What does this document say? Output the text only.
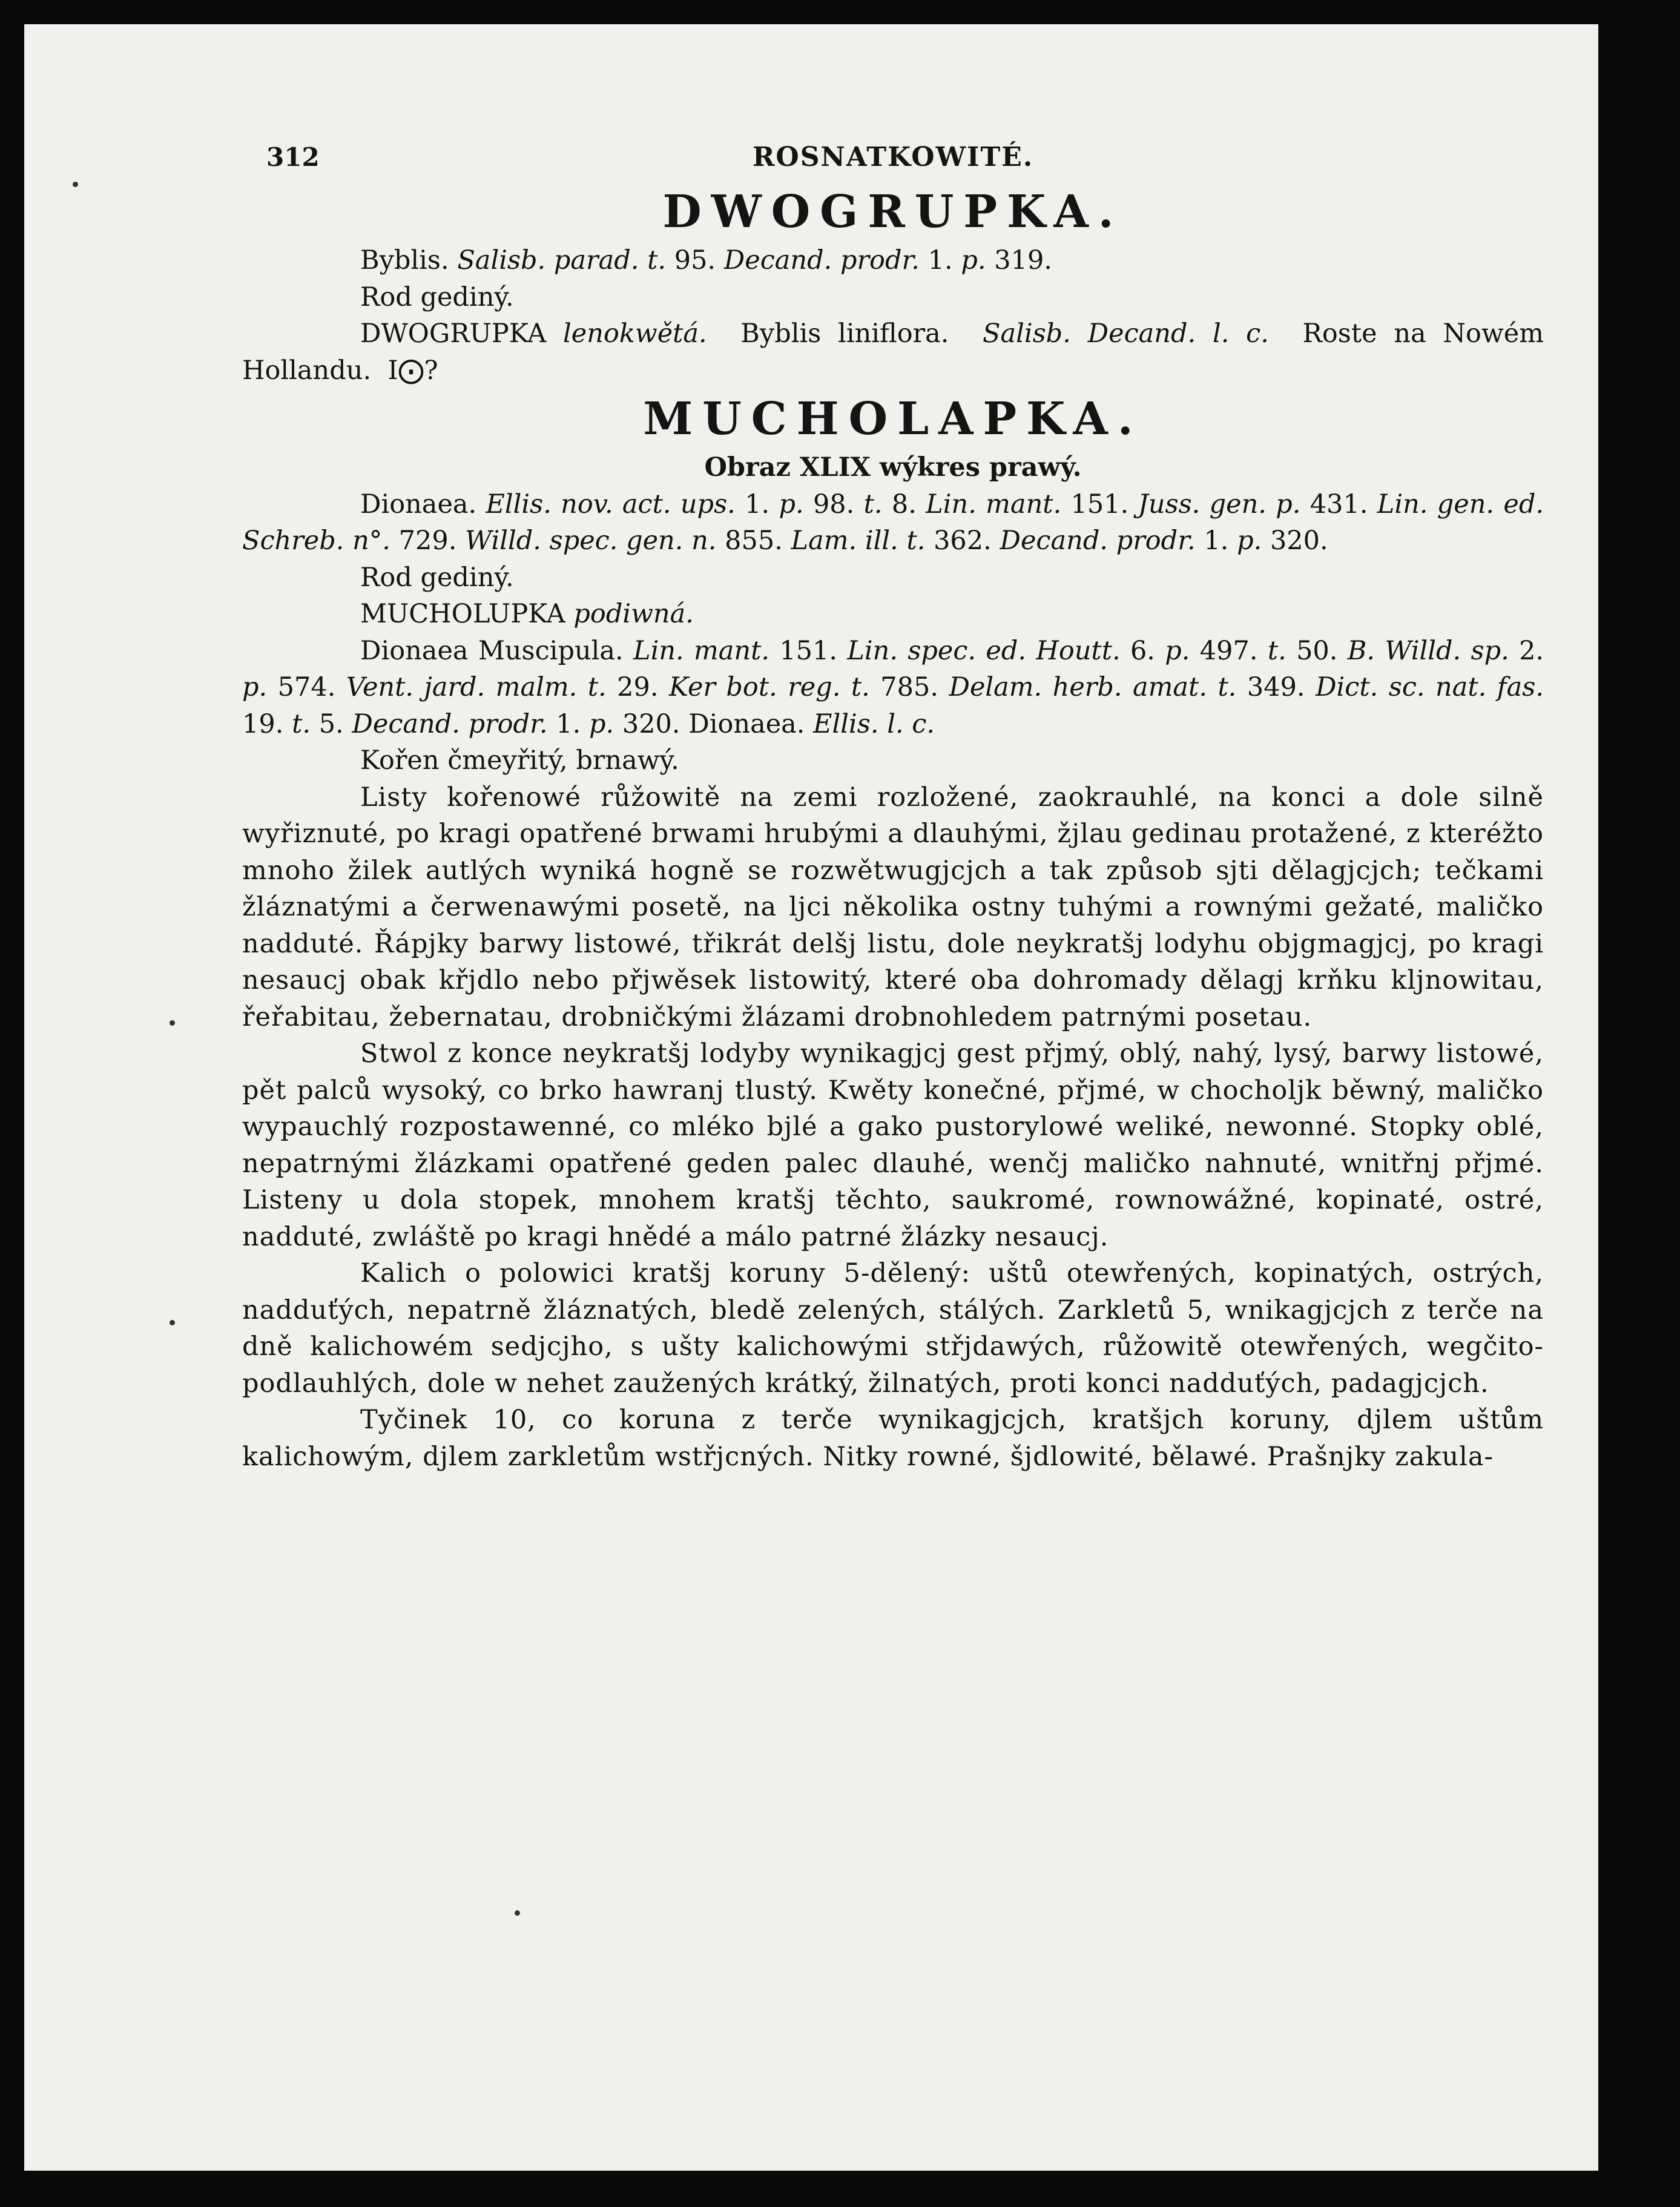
312	ROSNATKOWITÉ.
DWOGRUPKA.

Byblis. Salisb. parad. t. 95. Decand. prodr. 1. p. 319.

Rod gediný.

DWOGRUPKA lenokwětá. Byblis liniflora. Salisb. Decand. l. c. Roste na Nowém Hollandu. I⨀?

MUCHOLAPKA.

Obraz XLIX wýkres prawý.

Dionaea. Ellis. nov. act. ups. 1. p. 98. t. 8. Lin. mant. 151. Juss. gen. p. 431. Lin. gen. ed. Schreb. n°. 729. Willd. spec. gen. n. 855. Lam. ill. t. 362. Decand. prodr. 1. p. 320.

Rod gediný.

MUCHOLUPKA podiwná.

Dionaea Muscipula. Lin. mant. 151. Lin. spec. ed. Houtt. 6. p. 497. t. 50. B. Willd. sp. 2. p. 574. Vent. jard. malm. t. 29. Ker bot. reg. t. 785. Delam. herb. amat. t. 349. Dict. sc. nat. fas. 19. t. 5. Decand. prodr. 1. p. 320. Dionaea. Ellis. l. c.

Kořen čmeyřitý, brnawý.

Listy kořenowé růžowitě na zemi rozložené, zaokrauhlé, na konci a dole silně wyřiznuté, po kragi opatřené brwami hrubými a dlauhými, žjlau gedinau protažené, z kteréžto mnoho žilek autlých wyniká hogně se rozwětwugjcjch a tak způsob sjti dělagjcjch; tečkami žláznatými a čerwenawými posetě, na ljci několika ostny tuhými a rownými gežaté, maličko nadduté. Řápjky barwy listowé, třikrát delšj listu, dole neykratšj lodyhu objgmagjcj, po kragi nesaucj obak křjdlo nebo přjwěsek listowitý, které oba dohromady dělagj krňku kljnowitau, řeřabitau, žebernatau, drobničkými žlázami drobnohledem patrnými posetau.

Stwol z konce neykratšj lodyby wynikagjcj gest přjmý, oblý, nahý, lysý, barwy listowé, pět palců wysoký, co brko hawranj tlustý. Kwěty konečné, přjmé, w chocholjk běwný, maličko wypauchlý rozpostawenné, co mléko bjlé a gako pustorylowé weliké, newonné. Stopky oblé, nepatrnými žlázkami opatřené geden palec dlauhé, wenčj maličko nahnuté, wnitřnj přjmé. Listeny u dola stopek, mnohem kratšj těchto, saukromé, rownowážné, kopinaté, ostré, nadduté, zwláště po kragi hnědé a málo patrné žlázky nesaucj.

Kalich o polowici kratšj koruny 5-dělený: uštů otewřených, kopinatých, ostrých, nadduťých, nepatrně žláznatých, bledě zelených, stálých. Zarkletů 5, wnikagjcjch z terče na dně kalichowém sedjcjho, s ušty kalichowými střjdawých, růžowitě otewřených, wegčito-podlauhlých, dole w nehet zaužených krátký, žilnatých, proti konci nadduťých, padagjcjch.

Tyčinek 10, co koruna z terče wynikagjcjch, kratšjch koruny, djlem uštům kalichowým, djlem zarkletům wstřjcných. Nitky rowné, šjdlowité, bělawé. Prašnjky zakula-
